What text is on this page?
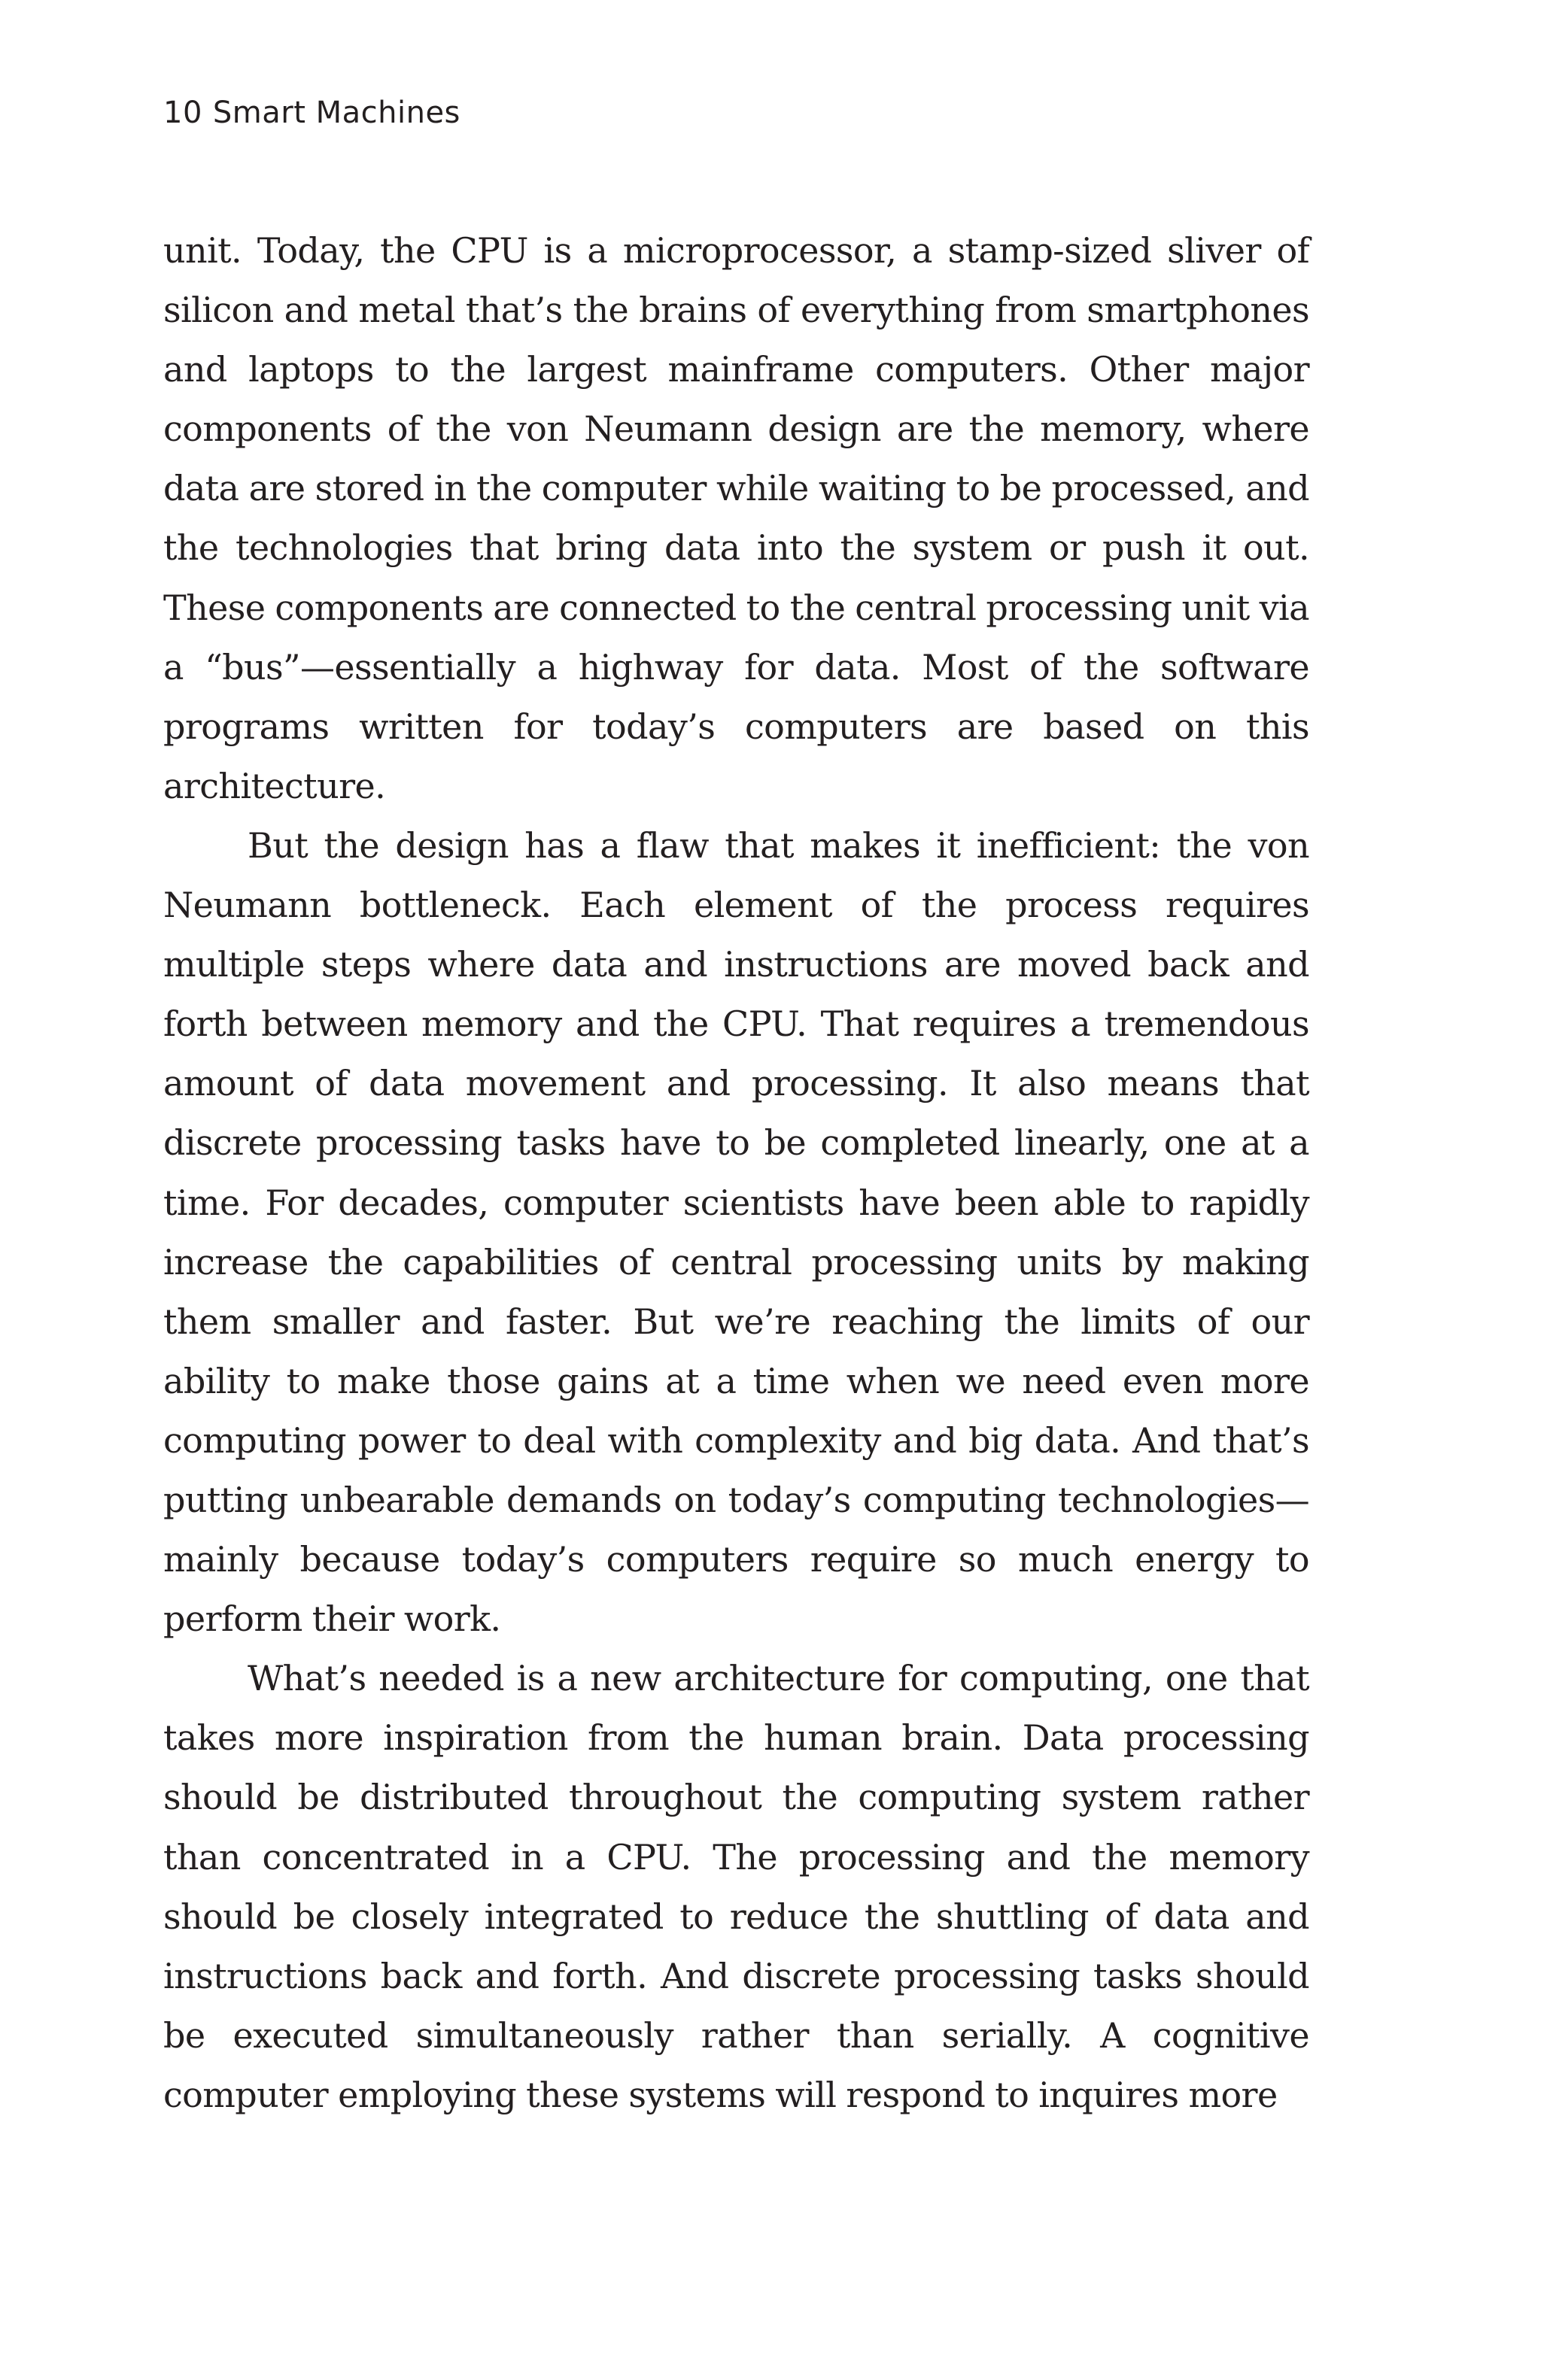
10 Smart Machines

unit. Today, the CPU is a microprocessor, a stamp-sized sliver of silicon and metal that’s the brains of everything from smartphones and laptops to the largest mainframe computers. Other major components of the von Neumann design are the memory, where data are stored in the computer while waiting to be processed, and the technologies that bring data into the system or push it out. These components are connected to the central processing unit via a “bus”—essentially a highway for data. Most of the software programs written for today’s computers are based on this architecture.

But the design has a flaw that makes it inefficient: the von Neumann bottleneck. Each element of the process requires multiple steps where data and instructions are moved back and forth between memory and the CPU. That requires a tremendous amount of data movement and processing. It also means that discrete processing tasks have to be completed linearly, one at a time. For decades, computer scientists have been able to rapidly increase the capabilities of central processing units by making them smaller and faster. But we’re reaching the limits of our ability to make those gains at a time when we need even more computing power to deal with complexity and big data. And that’s putting unbearable demands on today’s computing technologies—mainly because today’s computers require so much energy to perform their work.

What’s needed is a new architecture for computing, one that takes more inspiration from the human brain. Data processing should be distributed throughout the computing system rather than concentrated in a CPU. The processing and the memory should be closely integrated to reduce the shuttling of data and instructions back and forth. And discrete processing tasks should be executed simultaneously rather than serially. A cognitive computer employing these systems will respond to inquires more
